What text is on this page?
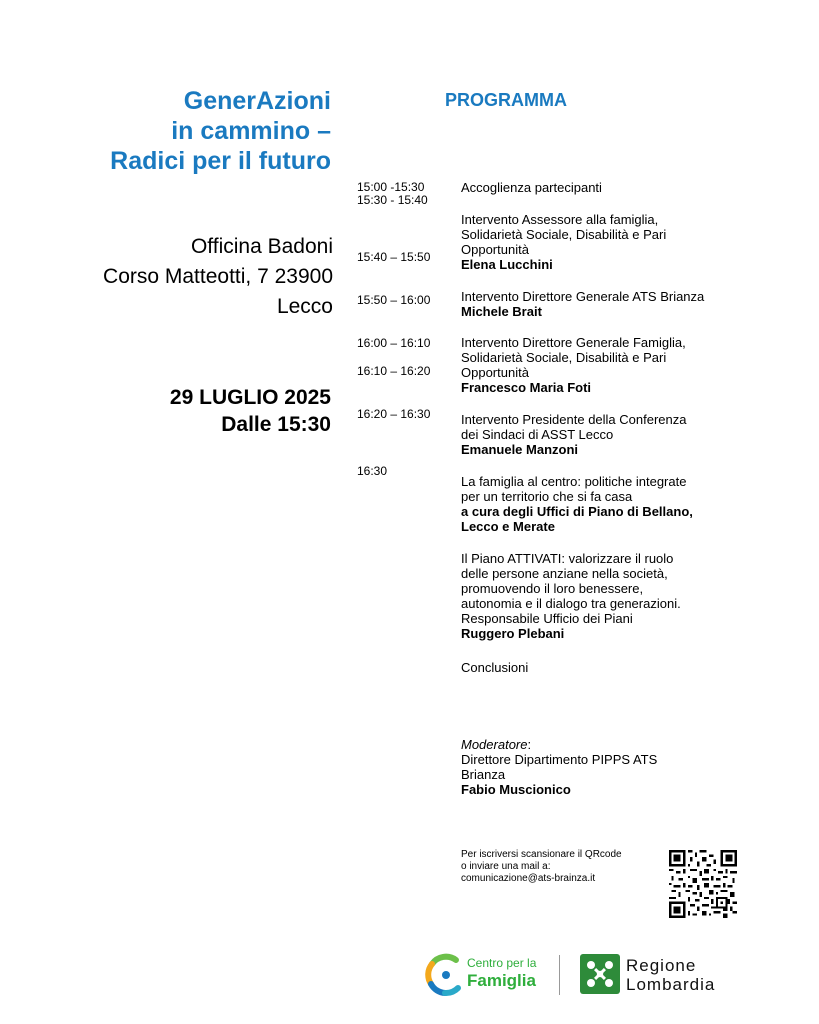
GenerAzioni
in cammino –
Radici per il futuro
Officina Badoni
Corso Matteotti, 7 23900
Lecco
29 LUGLIO 2025
Dalle 15:30
PROGRAMMA
15:00 -15:30
15:30 - 15:40
15:40 – 15:50
15:50 – 16:00
16:00 – 16:10
16:10 – 16:20
16:20 – 16:30
16:30
Accoglienza partecipanti
Intervento Assessore alla famiglia,
Solidarietà Sociale, Disabilità e Pari
Opportunità
Elena Lucchini
Intervento Direttore Generale ATS Brianza
Michele Brait
Intervento Direttore Generale Famiglia,
Solidarietà Sociale, Disabilità e Pari
Opportunità
Francesco Maria Foti
Intervento Presidente della Conferenza
dei Sindaci di ASST Lecco
Emanuele Manzoni
La famiglia al centro: politiche integrate
per un territorio che si fa casa
a cura degli Uffici di Piano di Bellano,
Lecco e Merate
Il Piano ATTIVATI: valorizzare il ruolo
delle persone anziane nella società,
promuovendo il loro benessere,
autonomia e il dialogo tra generazioni.
Responsabile Ufficio dei Piani
Ruggero Plebani
Conclusioni
Moderatore:
Direttore Dipartimento PIPPS ATS
Brianza
Fabio Muscionico
Per iscriversi scansionare il QRcode
o inviare una mail a:
comunicazione@ats-brainza.it
Centro per la
Famiglia
Regione
Lombardia
